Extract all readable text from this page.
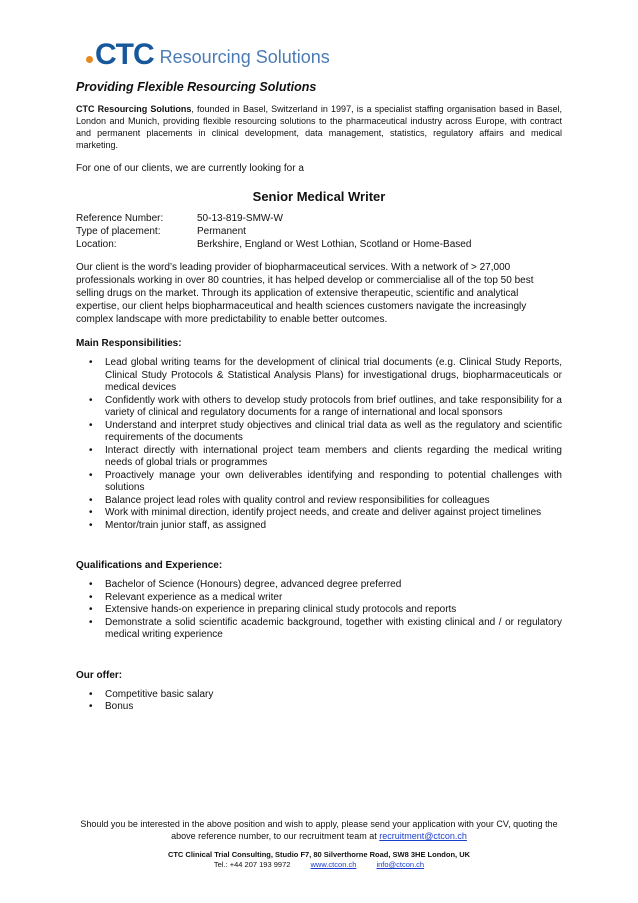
CTC Resourcing Solutions
Providing Flexible Resourcing Solutions

CTC Resourcing Solutions, founded in Basel, Switzerland in 1997, is a specialist staffing organisation based in Basel, London and Munich, providing flexible resourcing solutions to the pharmaceutical industry across Europe, with contract and permanent placements in clinical development, data management, statistics, regulatory affairs and medical marketing.

For one of our clients, we are currently looking for a

Senior Medical Writer
Reference Number:	50-13-819-SMW-W
Type of placement:	Permanent
Location:	Berkshire, England or West Lothian, Scotland or Home-Based

Our client is the word’s leading provider of biopharmaceutical services. With a network of > 27,000 professionals working in over 80 countries, it has helped develop or commercialise all of the top 50 best selling drugs on the market. Through its application of extensive therapeutic, scientific and analytical expertise, our client helps biopharmaceutical and health sciences customers navigate the increasingly complex landscape with more predictability to enable better outcomes.

Main Responsibilities:
• Lead global writing teams for the development of clinical trial documents (e.g. Clinical Study Reports, Clinical Study Protocols & Statistical Analysis Plans) for investigational drugs, biopharmaceuticals or medical devices
• Confidently work with others to develop study protocols from brief outlines, and take responsibility for a variety of clinical and regulatory documents for a range of international and local sponsors
• Understand and interpret study objectives and clinical trial data as well as the regulatory and scientific requirements of the documents
• Interact directly with international project team members and clients regarding the medical writing needs of global trials or programmes
• Proactively manage your own deliverables identifying and responding to potential challenges with solutions
• Balance project lead roles with quality control and review responsibilities for colleagues
• Work with minimal direction, identify project needs, and create and deliver against project timelines
• Mentor/train junior staff, as assigned
Qualifications and Experience:
• Bachelor of Science (Honours) degree, advanced degree preferred
• Relevant experience as a medical writer
• Extensive hands-on experience in preparing clinical study protocols and reports
• Demonstrate a solid scientific academic background, together with existing clinical and / or regulatory medical writing experience
Our offer:
• Competitive basic salary
• Bonus
Should you be interested in the above position and wish to apply, please send your application with your CV, quoting the above reference number, to our recruitment team at recruitment@ctcon.ch
CTC Clinical Trial Consulting, Studio F7, 80 Silverthorne Road, SW8 3HE London, UK
Tel.: +44 207 193 9972	www.ctcon.ch	info@ctcon.ch
